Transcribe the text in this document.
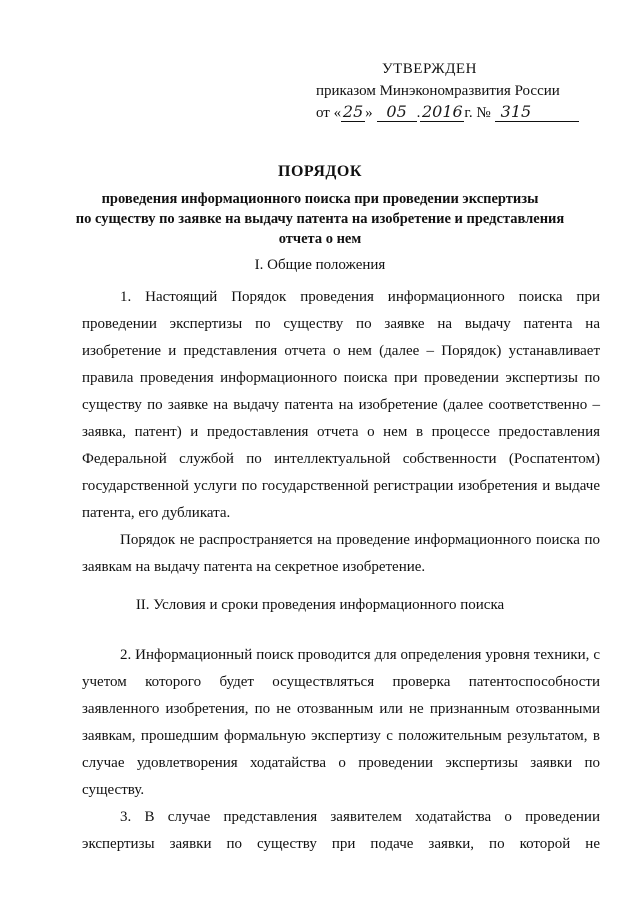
УТВЕРЖДЕН
приказом Минэкономразвития России
от « 25 » 05 . 2016 г. № 315
ПОРЯДОК
проведения информационного поиска при проведении экспертизы
по существу по заявке на выдачу патента на изобретение и представления
отчета о нем
I. Общие положения
1. Настоящий Порядок проведения информационного поиска при проведении экспертизы по существу по заявке на выдачу патента на изобретение и представления отчета о нем (далее – Порядок) устанавливает правила проведения информационного поиска при проведении экспертизы по существу по заявке на выдачу патента на изобретение (далее соответственно – заявка, патент) и предоставления отчета о нем в процессе предоставления Федеральной службой по интеллектуальной собственности (Роспатентом) государственной услуги по государственной регистрации изобретения и выдаче патента, его дубликата.
Порядок не распространяется на проведение информационного поиска по заявкам на выдачу патента на секретное изобретение.
II. Условия и сроки проведения информационного поиска
2. Информационный поиск проводится для определения уровня техники, с учетом которого будет осуществляться проверка патентоспособности заявленного изобретения, по не отозванным или не признанным отозванными заявкам, прошедшим формальную экспертизу с положительным результатом, в случае удовлетворения ходатайства о проведении экспертизы заявки по существу.
3. В случае представления заявителем ходатайства о проведении экспертизы заявки по существу при подаче заявки, по которой не
